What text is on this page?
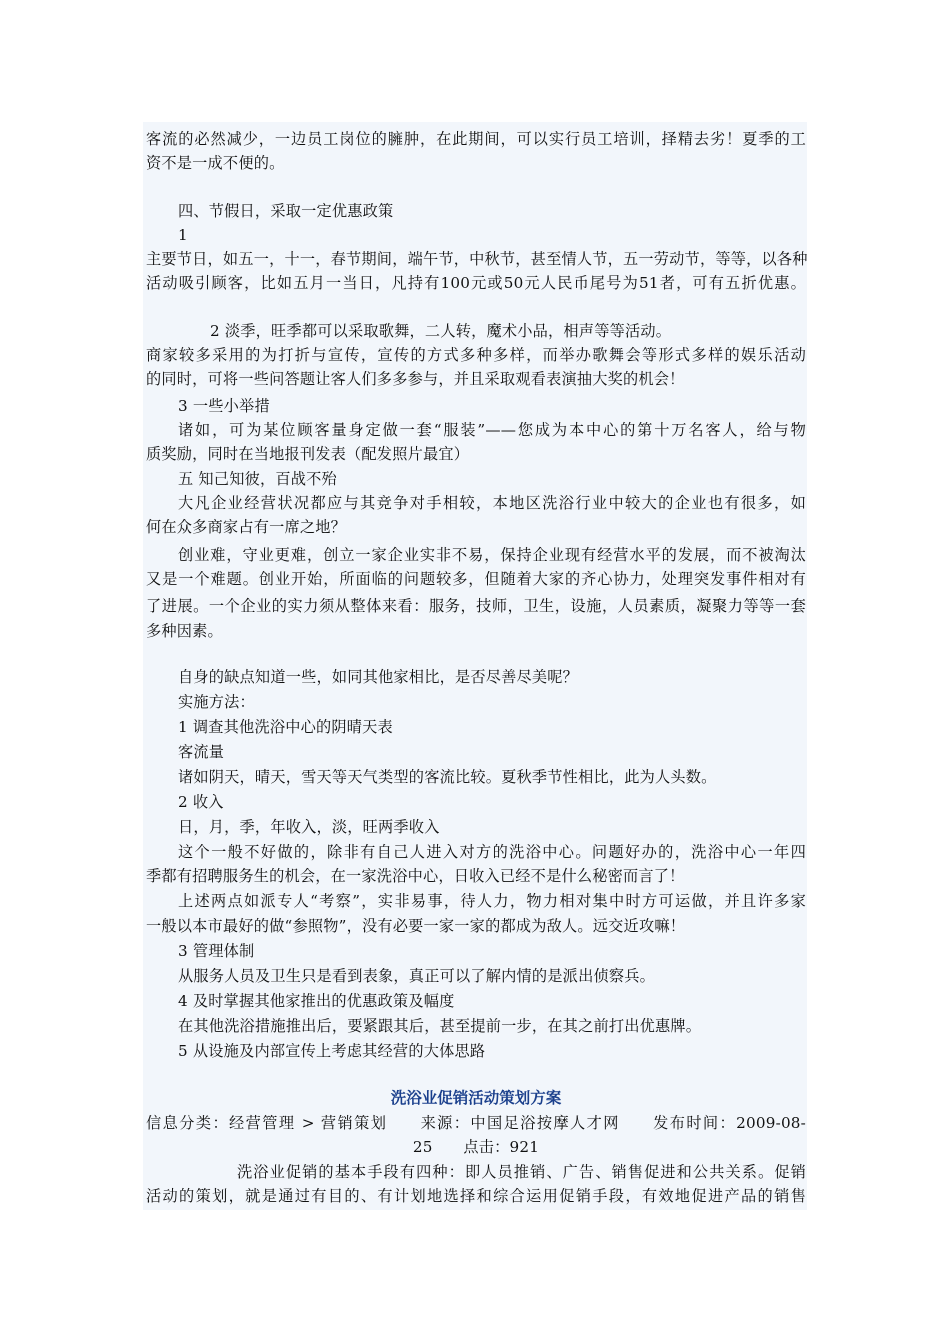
客流的必然减少，一边员工岗位的臃肿，在此期间，可以实行员工培训，择精去劣！夏季的工
资不是一成不便的。
四、节假日，采取一定优惠政策
1
主要节日，如五一，十一，春节期间，端午节，中秋节，甚至情人节，五一劳动节，等等，以各种
活动吸引顾客，比如五月一当日，凡持有100元或50元人民币尾号为51者，可有五折优惠。
2 淡季，旺季都可以采取歌舞，二人转，魔术小品，相声等等活动。
商家较多采用的为打折与宣传，宣传的方式多种多样，而举办歌舞会等形式多样的娱乐活动
的同时，可将一些问答题让客人们多多参与，并且采取观看表演抽大奖的机会！
3 一些小举措
诸如，可为某位顾客量身定做一套“服装”——您成为本中心的第十万名客人，给与物
质奖励，同时在当地报刊发表（配发照片最宜）
五 知己知彼，百战不殆
大凡企业经营状况都应与其竞争对手相较，本地区洗浴行业中较大的企业也有很多，如
何在众多商家占有一席之地？
创业难，守业更难，创立一家企业实非不易，保持企业现有经营水平的发展，而不被淘汰
又是一个难题。创业开始，所面临的问题较多，但随着大家的齐心协力，处理突发事件相对有
了进展。一个企业的实力须从整体来看：服务，技师，卫生，设施，人员素质，凝聚力等等一套
多种因素。
自身的缺点知道一些，如同其他家相比，是否尽善尽美呢？
实施方法：
1 调查其他洗浴中心的阴晴天表
客流量
诸如阴天，晴天，雪天等天气类型的客流比较。夏秋季节性相比，此为人头数。
2 收入
日，月，季，年收入，淡，旺两季收入
这个一般不好做的，除非有自己人进入对方的洗浴中心。问题好办的，洗浴中心一年四
季都有招聘服务生的机会，在一家洗浴中心，日收入已经不是什么秘密而言了！
上述两点如派专人“考察”，实非易事，待人力，物力相对集中时方可运做，并且许多家
一般以本市最好的做“参照物”，没有必要一家一家的都成为敌人。远交近攻嘛！
3 管理体制
从服务人员及卫生只是看到表象，真正可以了解内情的是派出侦察兵。
4 及时掌握其他家推出的优惠政策及幅度
在其他洗浴措施推出后，要紧跟其后，甚至提前一步，在其之前打出优惠牌。
5 从设施及内部宣传上考虑其经营的大体思路
洗浴业促销活动策划方案
信息分类：经营管理 > 营销策划　　来源：中国足浴按摩人才网　　发布时间：2009-08-
25　　点击：921
洗浴业促销的基本手段有四种：即人员推销、广告、销售促进和公共关系。促销
活动的策划，就是通过有目的、有计划地选择和综合运用促销手段，有效地促进产品的销售
